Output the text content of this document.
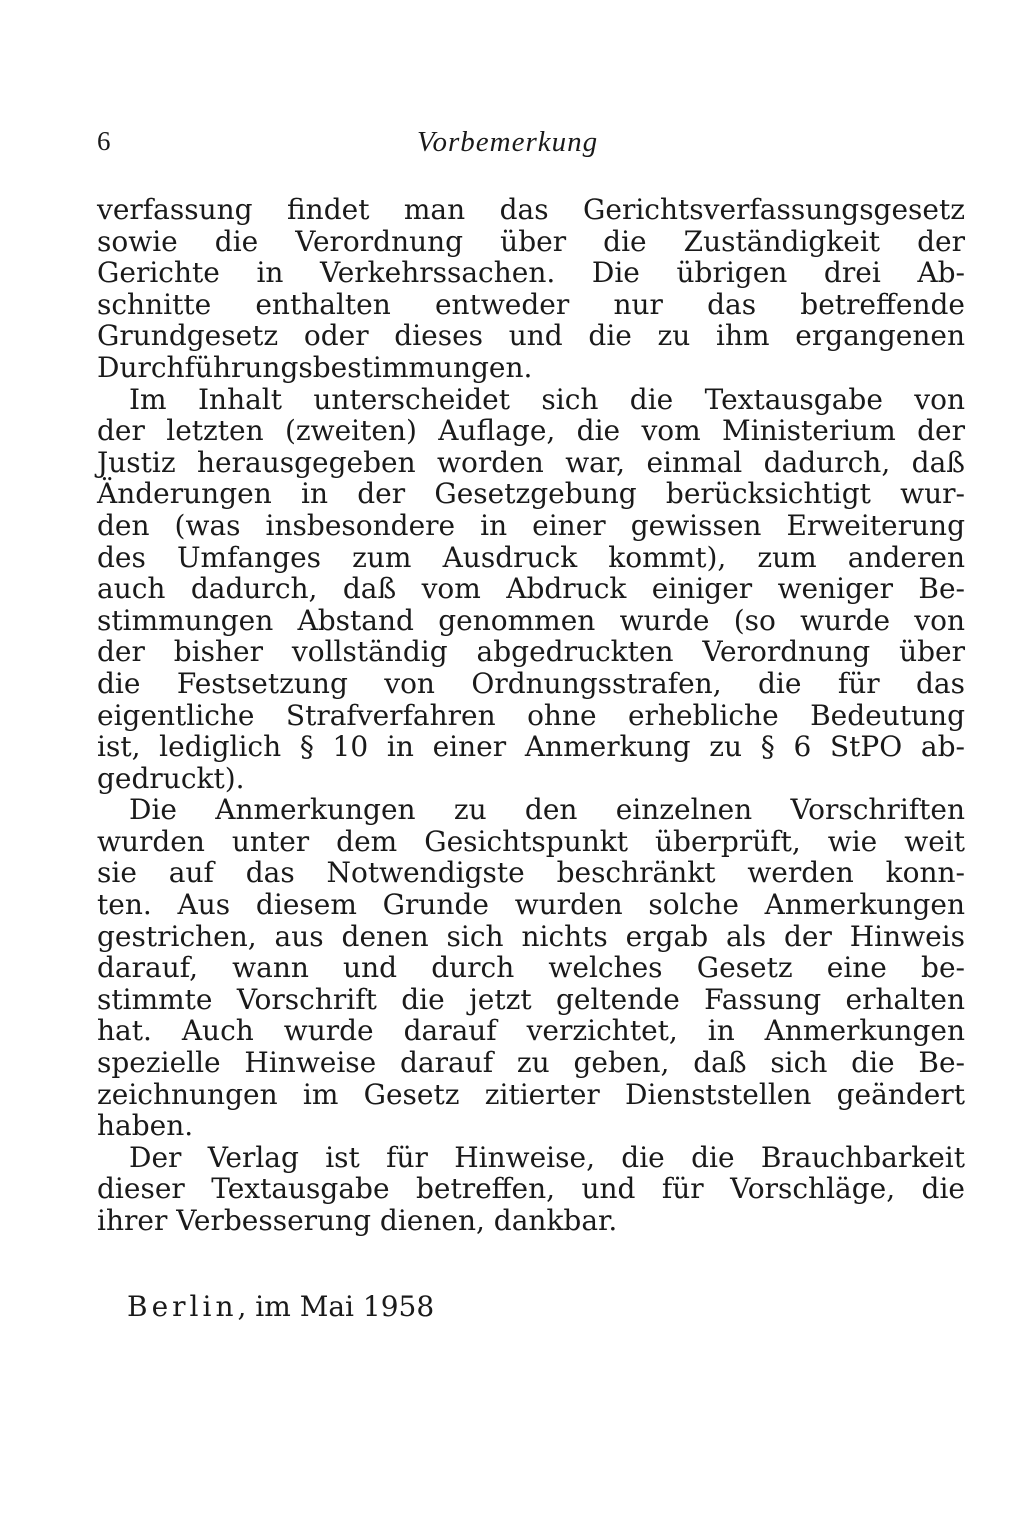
6	Vorbemerkung
verfassung findet man das Gerichtsverfassungsgesetz
sowie die Verordnung über die Zuständigkeit der
Gerichte in Verkehrssachen. Die übrigen drei Ab-
schnitte enthalten entweder nur das betreffende
Grundgesetz oder dieses und die zu ihm ergangenen
Durchführungsbestimmungen.
Im Inhalt unterscheidet sich die Textausgabe von
der letzten (zweiten) Auflage, die vom Ministerium der
Justiz herausgegeben worden war, einmal dadurch, daß
Änderungen in der Gesetzgebung berücksichtigt wur-
den (was insbesondere in einer gewissen Erweiterung
des Umfanges zum Ausdruck kommt), zum anderen
auch dadurch, daß vom Abdruck einiger weniger Be-
stimmungen Abstand genommen wurde (so wurde von
der bisher vollständig abgedruckten Verordnung über
die Festsetzung von Ordnungsstrafen, die für das
eigentliche Strafverfahren ohne erhebliche Bedeutung
ist, lediglich § 10 in einer Anmerkung zu § 6 StPO ab-
gedruckt).
Die Anmerkungen zu den einzelnen Vorschriften
wurden unter dem Gesichtspunkt überprüft, wie weit
sie auf das Notwendigste beschränkt werden konn-
ten. Aus diesem Grunde wurden solche Anmerkungen
gestrichen, aus denen sich nichts ergab als der Hinweis
darauf, wann und durch welches Gesetz eine be-
stimmte Vorschrift die jetzt geltende Fassung erhalten
hat. Auch wurde darauf verzichtet, in Anmerkungen
spezielle Hinweise darauf zu geben, daß sich die Be-
zeichnungen im Gesetz zitierter Dienststellen geändert
haben.
Der Verlag ist für Hinweise, die die Brauchbarkeit
dieser Textausgabe betreffen, und für Vorschläge, die
ihrer Verbesserung dienen, dankbar.
Berlin, im Mai 1958
